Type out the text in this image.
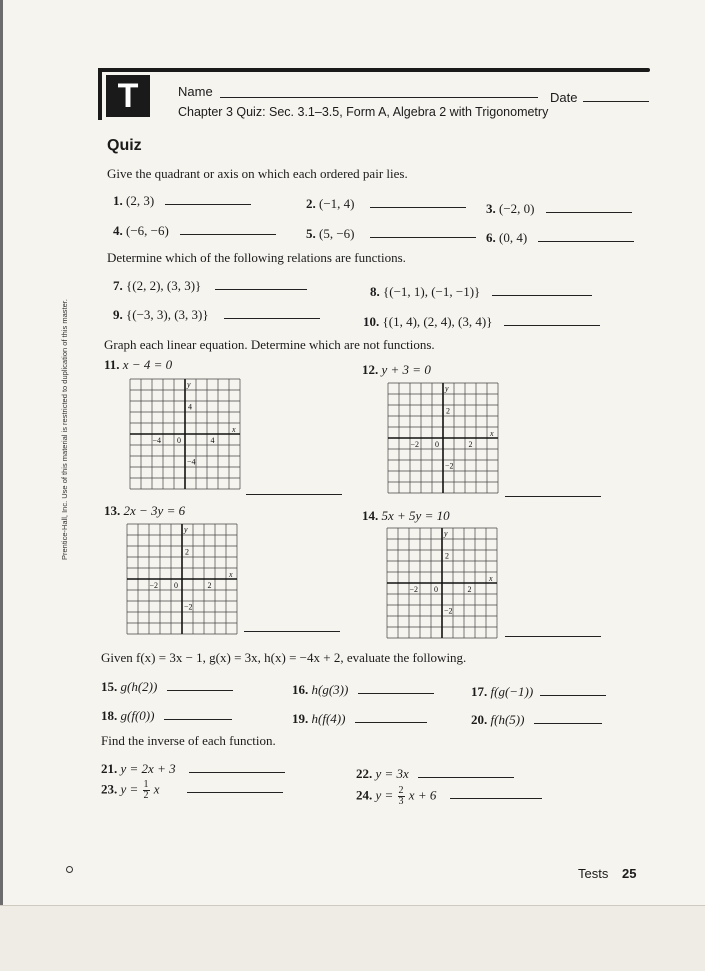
T	Name	Date
Chapter 3 Quiz: Sec. 3.1–3.5, Form A, Algebra 2 with Trigonometry
Quiz

Give the quadrant or axis on which each ordered pair lies.
1. (2, 3)	2. (−1, 4)	3. (−2, 0)
4. (−6, −6)	5. (5, −6)	6. (0, 4)
Determine which of the following relations are functions.
7. {(2, 2), (3, 3)}	8. {(−1, 1), (−1, −1)}
9. {(−3, 3), (3, 3)}	10. {(1, 4), (2, 4), (3, 4)}
Graph each linear equation. Determine which are not functions.
11. x − 4 = 0	12. y + 3 = 0
4
−4
4
−4 0
x
y
2
−2
2
−2 0
x
y
13. 2x − 3y = 6	14. 5x + 5y = 10
2
−2
2
−2 0
x
y
2
−2
2
−2 0
x
y
Given f(x) = 3x − 1, g(x) = 3x, h(x) = −4x + 2, evaluate the following.
15. g(h(2))	16. h(g(3))	17. f(g(−1))
18. g(f(0))	19. h(f(4))	20. f(h(5))
Find the inverse of each function.
21. y = 2x + 3	22. y = 3x
23. $y = \frac{1}{2}$ x	24. $y = \frac{2}{3}$ x + 6
Tests 25
Prentice-Hall, Inc. Use of this material is restricted to duplication of this master.
